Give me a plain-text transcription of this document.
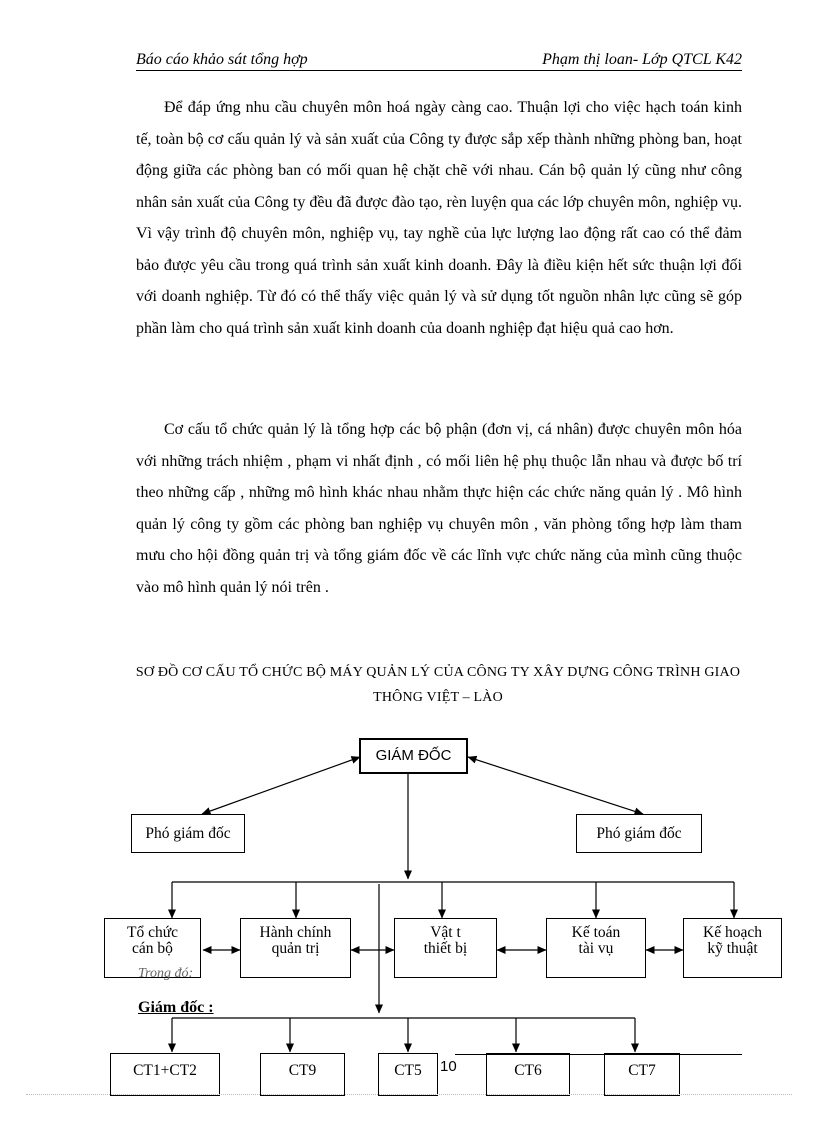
Báo cáo khảo sát tổng hợp	Phạm thị loan- Lớp QTCL K42

Để đáp ứng nhu cầu chuyên môn hoá ngày càng cao. Thuận lợi cho việc hạch toán kinh tế, toàn bộ cơ cấu quản lý và sản xuất của Công ty được sắp xếp thành những phòng ban, hoạt động giữa các phòng ban có mối quan hệ chặt chẽ với nhau. Cán bộ quản lý cũng như công nhân sản xuất của Công ty đều đã được đào tạo, rèn luyện qua các lớp chuyên môn, nghiệp vụ. Vì vậy trình độ chuyên môn, nghiệp vụ, tay nghề của lực lượng lao động rất cao có thể đảm bảo được yêu cầu trong quá trình sản xuất kinh doanh. Đây là điều kiện hết sức thuận lợi đối với doanh nghiệp. Từ đó có thể thấy việc quản lý và sử dụng tốt nguồn nhân lực cũng sẽ góp phần làm cho quá trình sản xuất kinh doanh của doanh nghiệp đạt hiệu quả cao hơn.

Cơ cấu tổ chức quản lý là tổng hợp các bộ phận (đơn vị, cá nhân) được chuyên môn hóa với những trách nhiệm , phạm vi nhất định , có mối liên hệ phụ thuộc lẫn nhau và được bố trí theo những cấp , những mô hình khác nhau nhằm thực hiện các chức năng quản lý . Mô hình quản lý công ty gồm các phòng ban nghiệp vụ chuyên môn , văn phòng tổng hợp làm tham mưu cho hội đồng quản trị và tổng giám đốc về các lĩnh vực chức năng của mình cũng thuộc vào mô hình quản lý nói trên .

SƠ ĐỒ CƠ CẤU TỔ CHỨC BỘ MÁY QUẢN LÝ CỦA CÔNG TY XÂY DỰNG CÔNG TRÌNH GIAO THÔNG VIỆT – LÀO

GIÁM ĐỐC
Phó giám đốc	Phó giám đốc
Tổ chức
cán bộ
Hành chính
quản trị
Vật t
thiết bị
Kế toán
tài vụ
Kế hoạch
kỹ thuật
Trong đó:
Giám đốc :
CT1+CT2	CT9	CT5	CT6	CT7
10
